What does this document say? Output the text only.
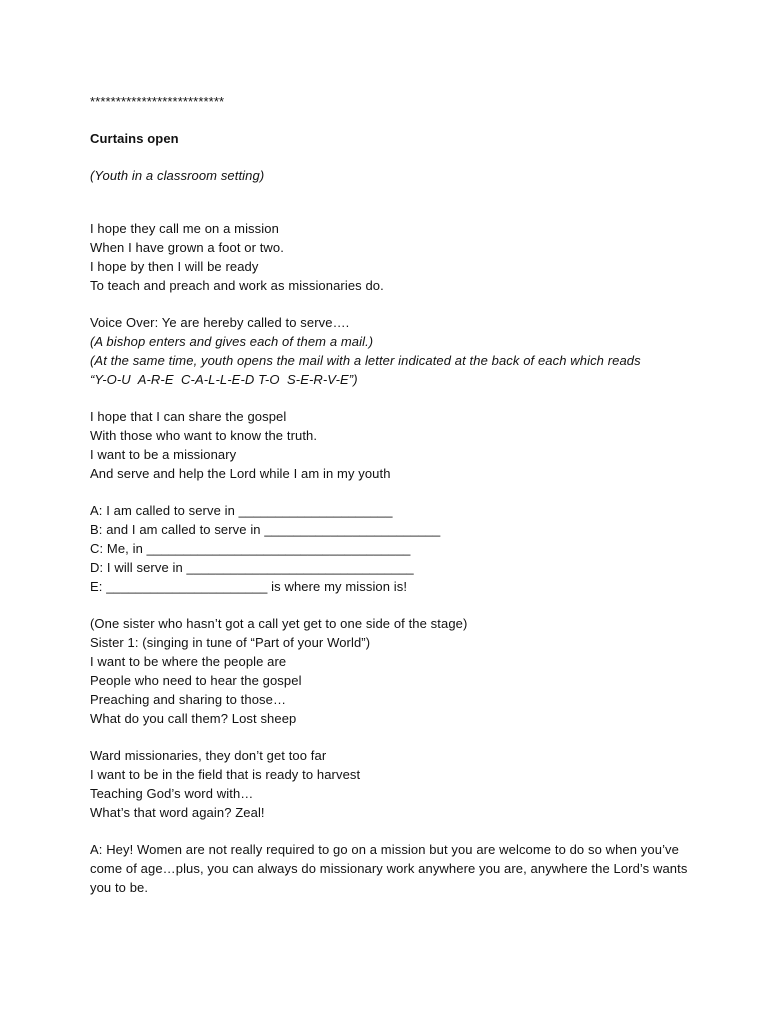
**************************
Curtains open
(Youth in a classroom setting)
I hope they call me on a mission
When I have grown a foot or two.
I hope by then I will be ready
To teach and preach and work as missionaries do.
Voice Over: Ye are hereby called to serve….
(A bishop enters and gives each of them a mail.)
(At the same time, youth opens the mail with a letter indicated at the back of each which reads
“Y-O-U  A-R-E  C-A-L-L-E-D T-O  S-E-R-V-E”)
I hope that I can share the gospel
With those who want to know the truth.
I want to be a missionary
And serve and help the Lord while I am in my youth
A: I am called to serve in _____________________
B: and I am called to serve in ________________________
C: Me, in ____________________________________
D: I will serve in _______________________________
E: ______________________ is where my mission is!
(One sister who hasn’t got a call yet get to one side of the stage)
Sister 1: (singing in tune of “Part of your World”)
I want to be where the people are
People who need to hear the gospel
Preaching and sharing to those…
What do you call them? Lost sheep
Ward missionaries, they don’t get too far
I want to be in the field that is ready to harvest
Teaching God’s word with…
What’s that word again? Zeal!
A: Hey! Women are not really required to go on a mission but you are welcome to do so when you’ve come of age…plus, you can always do missionary work anywhere you are, anywhere the Lord’s wants you to be.
